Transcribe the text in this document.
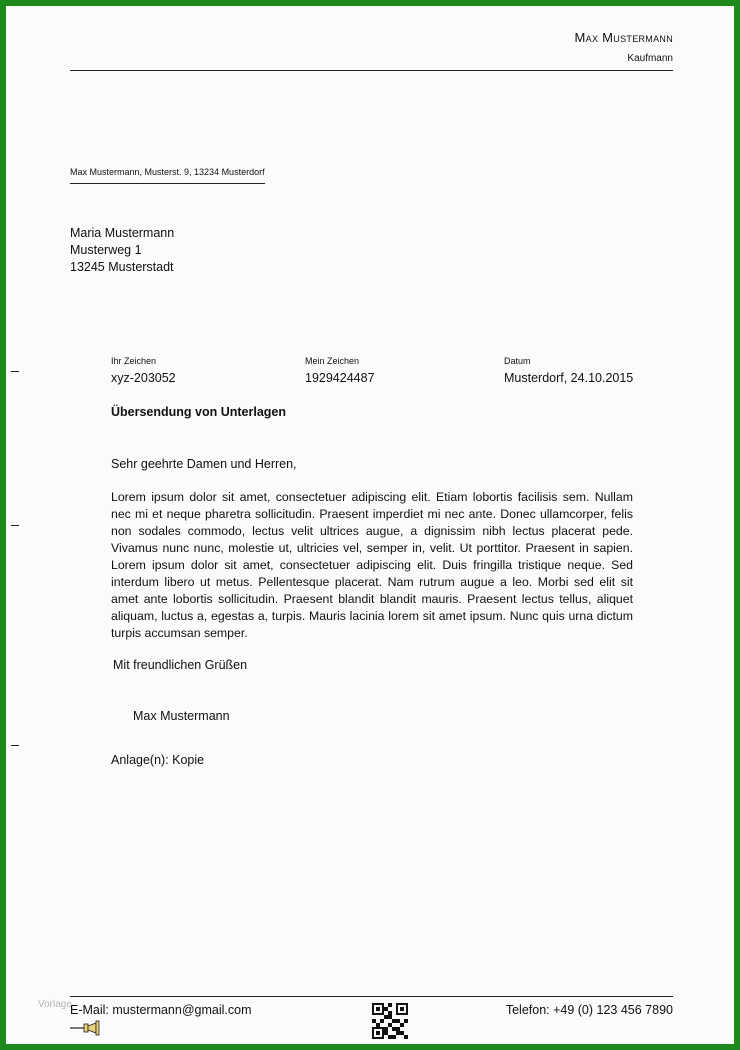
Max Mustermann
Kaufmann
Max Mustermann, Musterst. 9, 13234 Musterdorf
Maria Mustermann
Musterweg 1
13245 Musterstadt
Ihr Zeichen
xyz-203052
Mein Zeichen
1929424487
Datum
Musterdorf, 24.10.2015
Übersendung von Unterlagen
Sehr geehrte Damen und Herren,
Lorem ipsum dolor sit amet, consectetuer adipiscing elit. Etiam lobortis facilisis sem. Nullam nec mi et neque pharetra sollicitudin. Praesent imperdiet mi nec ante. Donec ullamcorper, felis non sodales commodo, lectus velit ultrices augue, a dignissim nibh lectus placerat pede. Vivamus nunc nunc, molestie ut, ultricies vel, semper in, velit. Ut porttitor. Praesent in sapien. Lorem ipsum dolor sit amet, consectetuer adipiscing elit. Duis fringilla tristique neque. Sed interdum libero ut metus. Pellentesque placerat. Nam rutrum augue a leo. Morbi sed elit sit amet ante lobortis sollicitudin. Praesent blandit blandit mauris. Praesent lectus tellus, aliquet aliquam, luctus a, egestas a, turpis. Mauris lacinia lorem sit amet ipsum. Nunc quis urna dictum turpis accumsan semper.
Mit freundlichen Grüßen
Max Mustermann
Anlage(n): Kopie
Vorlage
E-Mail: mustermann@gmail.com	Telefon: +49 (0) 123 456 7890
